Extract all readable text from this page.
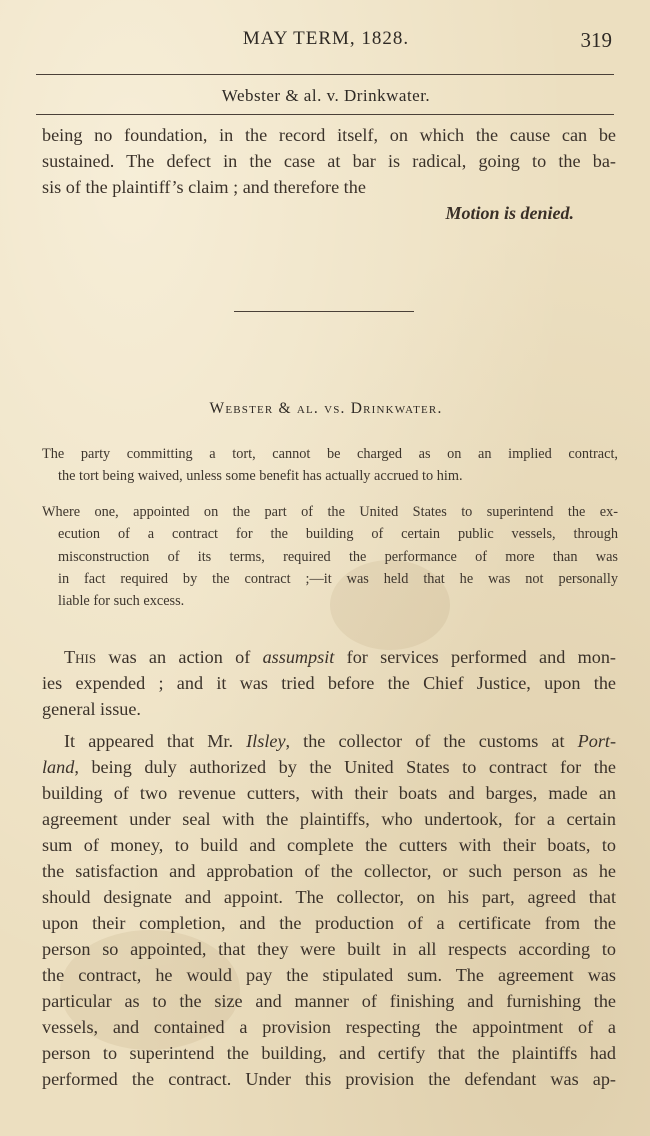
MAY TERM, 1828.	319
Webster & al. v. Drinkwater.
being no foundation, in the record itself, on which the cause can be
sustained. The defect in the case at bar is radical, going to the ba-
sis of the plaintiff’s claim ; and therefore the
Motion is denied.
Webster & al. vs. Drinkwater.
The party committing a tort, cannot be charged as on an implied contract,
the tort being waived, unless some benefit has actually accrued to him.
Where one, appointed on the part of the United States to superintend the ex-
ecution of a contract for the building of certain public vessels, through
misconstruction of its terms, required the performance of more than was
in fact required by the contract ;—it was held that he was not personally
liable for such excess.
This was an action of assumpsit for services performed and mon-
ies expended ; and it was tried before the Chief Justice, upon the
general issue.
It appeared that Mr. Ilsley, the collector of the customs at Port-
land, being duly authorized by the United States to contract for the
building of two revenue cutters, with their boats and barges, made an
agreement under seal with the plaintiffs, who undertook, for a certain
sum of money, to build and complete the cutters with their boats, to
the satisfaction and approbation of the collector, or such person as he
should designate and appoint. The collector, on his part, agreed that
upon their completion, and the production of a certificate from the
person so appointed, that they were built in all respects according to
the contract, he would pay the stipulated sum. The agreement was
particular as to the size and manner of finishing and furnishing the
vessels, and contained a provision respecting the appointment of a
person to superintend the building, and certify that the plaintiffs had
performed the contract. Under this provision the defendant was ap-
